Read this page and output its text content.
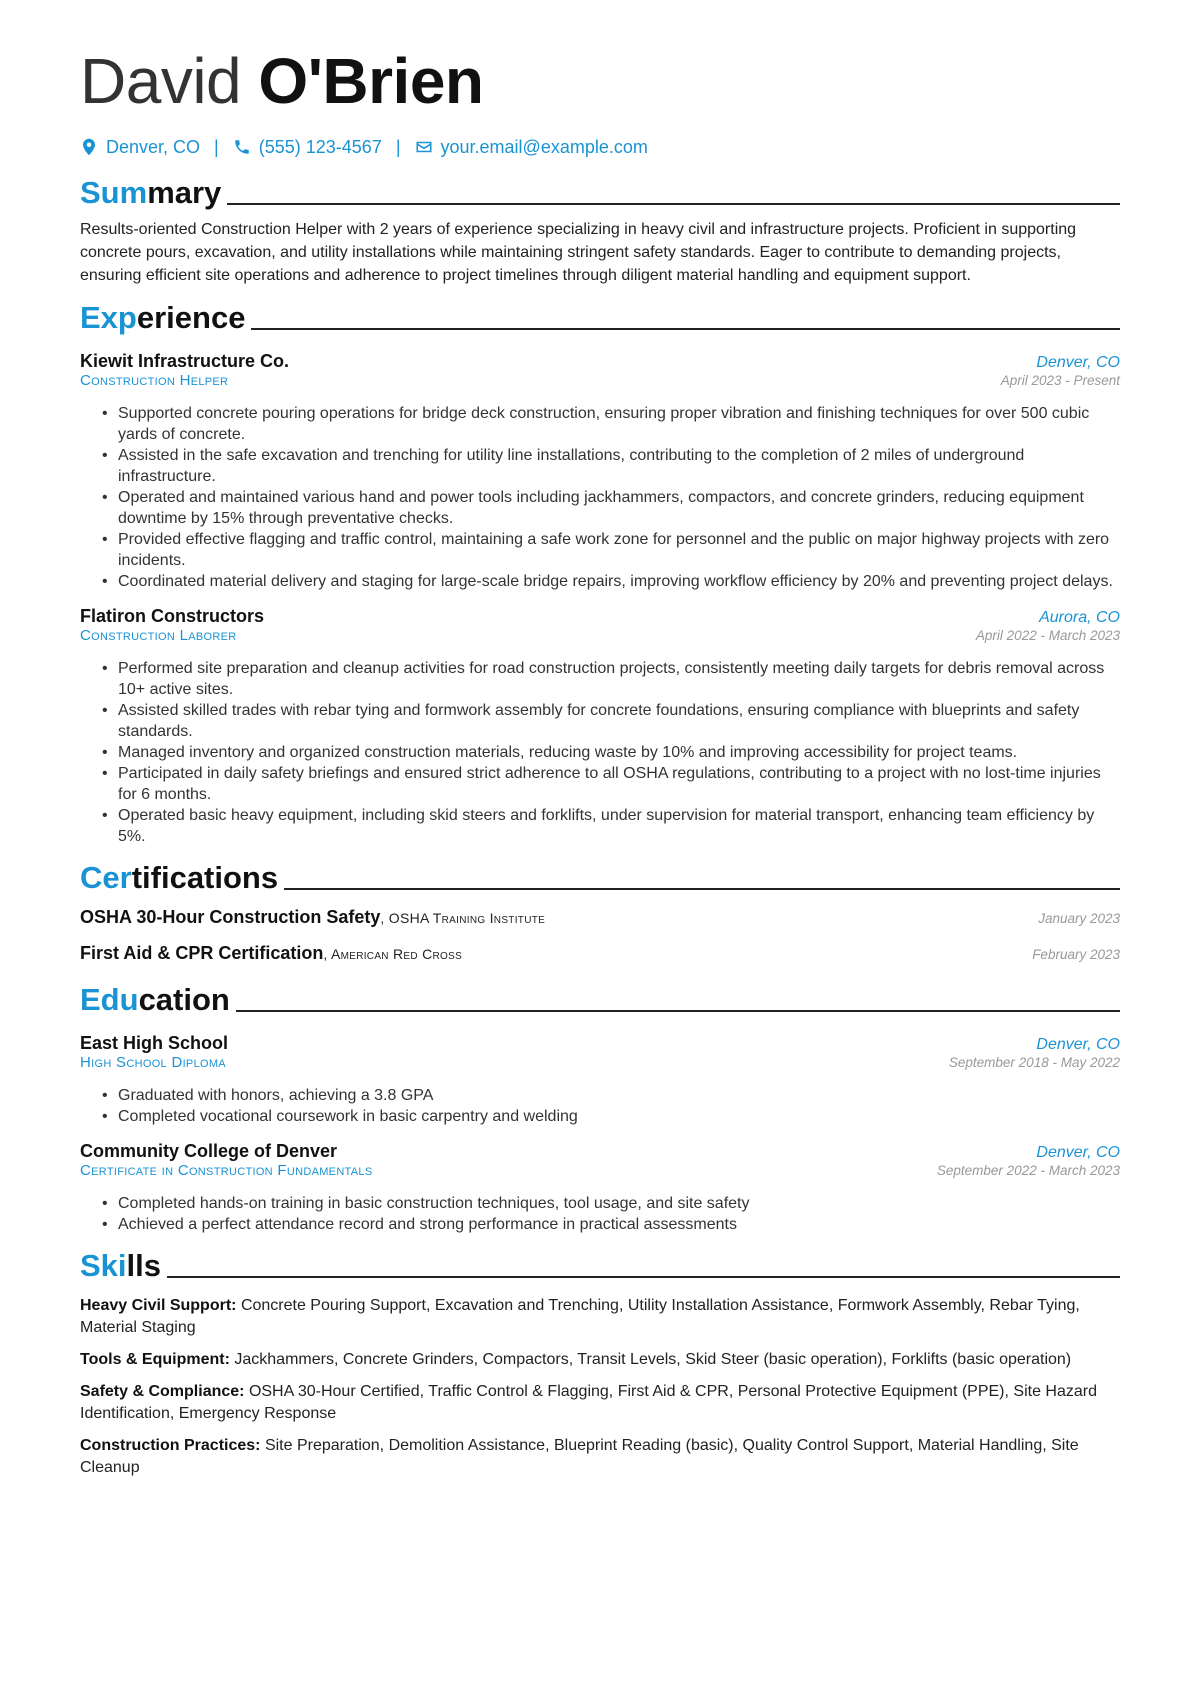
David O'Brien
Denver, CO | (555) 123-4567 | your.email@example.com
Summary
Results-oriented Construction Helper with 2 years of experience specializing in heavy civil and infrastructure projects. Proficient in supporting concrete pours, excavation, and utility installations while maintaining stringent safety standards. Eager to contribute to demanding projects, ensuring efficient site operations and adherence to project timelines through diligent material handling and equipment support.
Experience
Kiewit Infrastructure Co.	Denver, CO
Construction Helper	April 2023 - Present
• Supported concrete pouring operations for bridge deck construction, ensuring proper vibration and finishing techniques for over 500 cubic yards of concrete.
• Assisted in the safe excavation and trenching for utility line installations, contributing to the completion of 2 miles of underground infrastructure.
• Operated and maintained various hand and power tools including jackhammers, compactors, and concrete grinders, reducing equipment downtime by 15% through preventative checks.
• Provided effective flagging and traffic control, maintaining a safe work zone for personnel and the public on major highway projects with zero incidents.
• Coordinated material delivery and staging for large-scale bridge repairs, improving workflow efficiency by 20% and preventing project delays.
Flatiron Constructors	Aurora, CO
Construction Laborer	April 2022 - March 2023
• Performed site preparation and cleanup activities for road construction projects, consistently meeting daily targets for debris removal across 10+ active sites.
• Assisted skilled trades with rebar tying and formwork assembly for concrete foundations, ensuring compliance with blueprints and safety standards.
• Managed inventory and organized construction materials, reducing waste by 10% and improving accessibility for project teams.
• Participated in daily safety briefings and ensured strict adherence to all OSHA regulations, contributing to a project with no lost-time injuries for 6 months.
• Operated basic heavy equipment, including skid steers and forklifts, under supervision for material transport, enhancing team efficiency by 5%.
Certifications
OSHA 30-Hour Construction Safety, OSHA Training Institute	January 2023
First Aid & CPR Certification, American Red Cross	February 2023
Education
East High School	Denver, CO
High School Diploma	September 2018 - May 2022
• Graduated with honors, achieving a 3.8 GPA
• Completed vocational coursework in basic carpentry and welding
Community College of Denver	Denver, CO
Certificate in Construction Fundamentals	September 2022 - March 2023
• Completed hands-on training in basic construction techniques, tool usage, and site safety
• Achieved a perfect attendance record and strong performance in practical assessments
Skills
Heavy Civil Support: Concrete Pouring Support, Excavation and Trenching, Utility Installation Assistance, Formwork Assembly, Rebar Tying, Material Staging
Tools & Equipment: Jackhammers, Concrete Grinders, Compactors, Transit Levels, Skid Steer (basic operation), Forklifts (basic operation)
Safety & Compliance: OSHA 30-Hour Certified, Traffic Control & Flagging, First Aid & CPR, Personal Protective Equipment (PPE), Site Hazard Identification, Emergency Response
Construction Practices: Site Preparation, Demolition Assistance, Blueprint Reading (basic), Quality Control Support, Material Handling, Site Cleanup
